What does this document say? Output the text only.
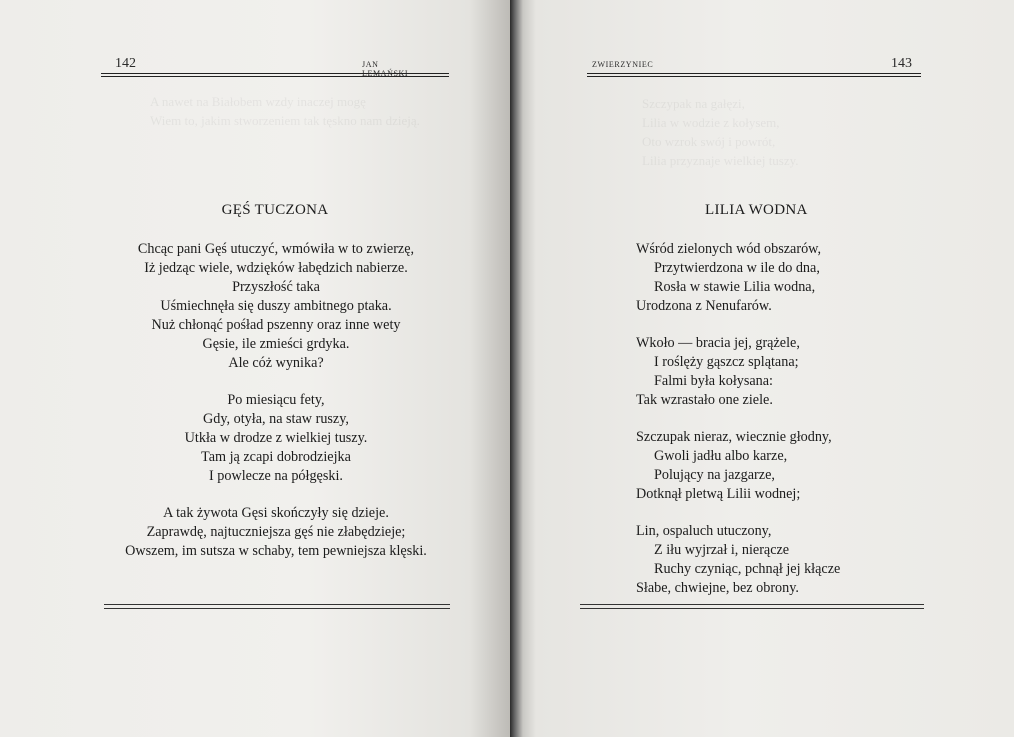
A nawet na Białobem wzdy inaczej mogę
Wiem to, jakim stworzeniem tak tęskno nam dzieją.
142	JAN LEMAŃSKI
GĘŚ TUCZONA
Chcąc pani Gęś utuczyć, wmówiła w to zwierzę,
Iż jedząc wiele, wdzięków łabędzich nabierze.
Przyszłość taka
Uśmiechnęła się duszy ambitnego ptaka.
Nuż chłonąć pośład pszenny oraz inne wety
Gęsie, ile zmieści grdyka.
Ale cóż wynika?
Po miesiącu fety,
Gdy, otyła, na staw ruszy,
Utkła w drodze z wielkiej tuszy.
Tam ją zcapi dobrodziejka
I powlecze na półgęski.
A tak żywota Gęsi skończyły się dzieje.
Zaprawdę, najtuczniejsza gęś nie złabędzieje;
Owszem, im sutsza w schaby, tem pewniejsza klęski.
Szczypak na gałęzi,
Lilia w wodzie z kołysem,
Oto wzrok swój i powrót,
Lilia przyznaje wielkiej tuszy.
ZWIERZYNIEC	143
LILIA WODNA
Wśród zielonych wód obszarów,
Przytwierdzona w ile do dna,
Rosła w stawie Lilia wodna,
Urodzona z Nenufarów.
Wkoło — bracia jej, grążele,
I roślęży gąszcz splątana;
Falmi była kołysana:
Tak wzrastało one ziele.
Szczupak nieraz, wiecznie głodny,
Gwoli jadłu albo karze,
Polujący na jazgarze,
Dotknął pletwą Lilii wodnej;
Lin, ospaluch utuczony,
Z iłu wyjrzał i, nierącze
Ruchy czyniąc, pchnął jej kłącze
Słabe, chwiejne, bez obrony.
